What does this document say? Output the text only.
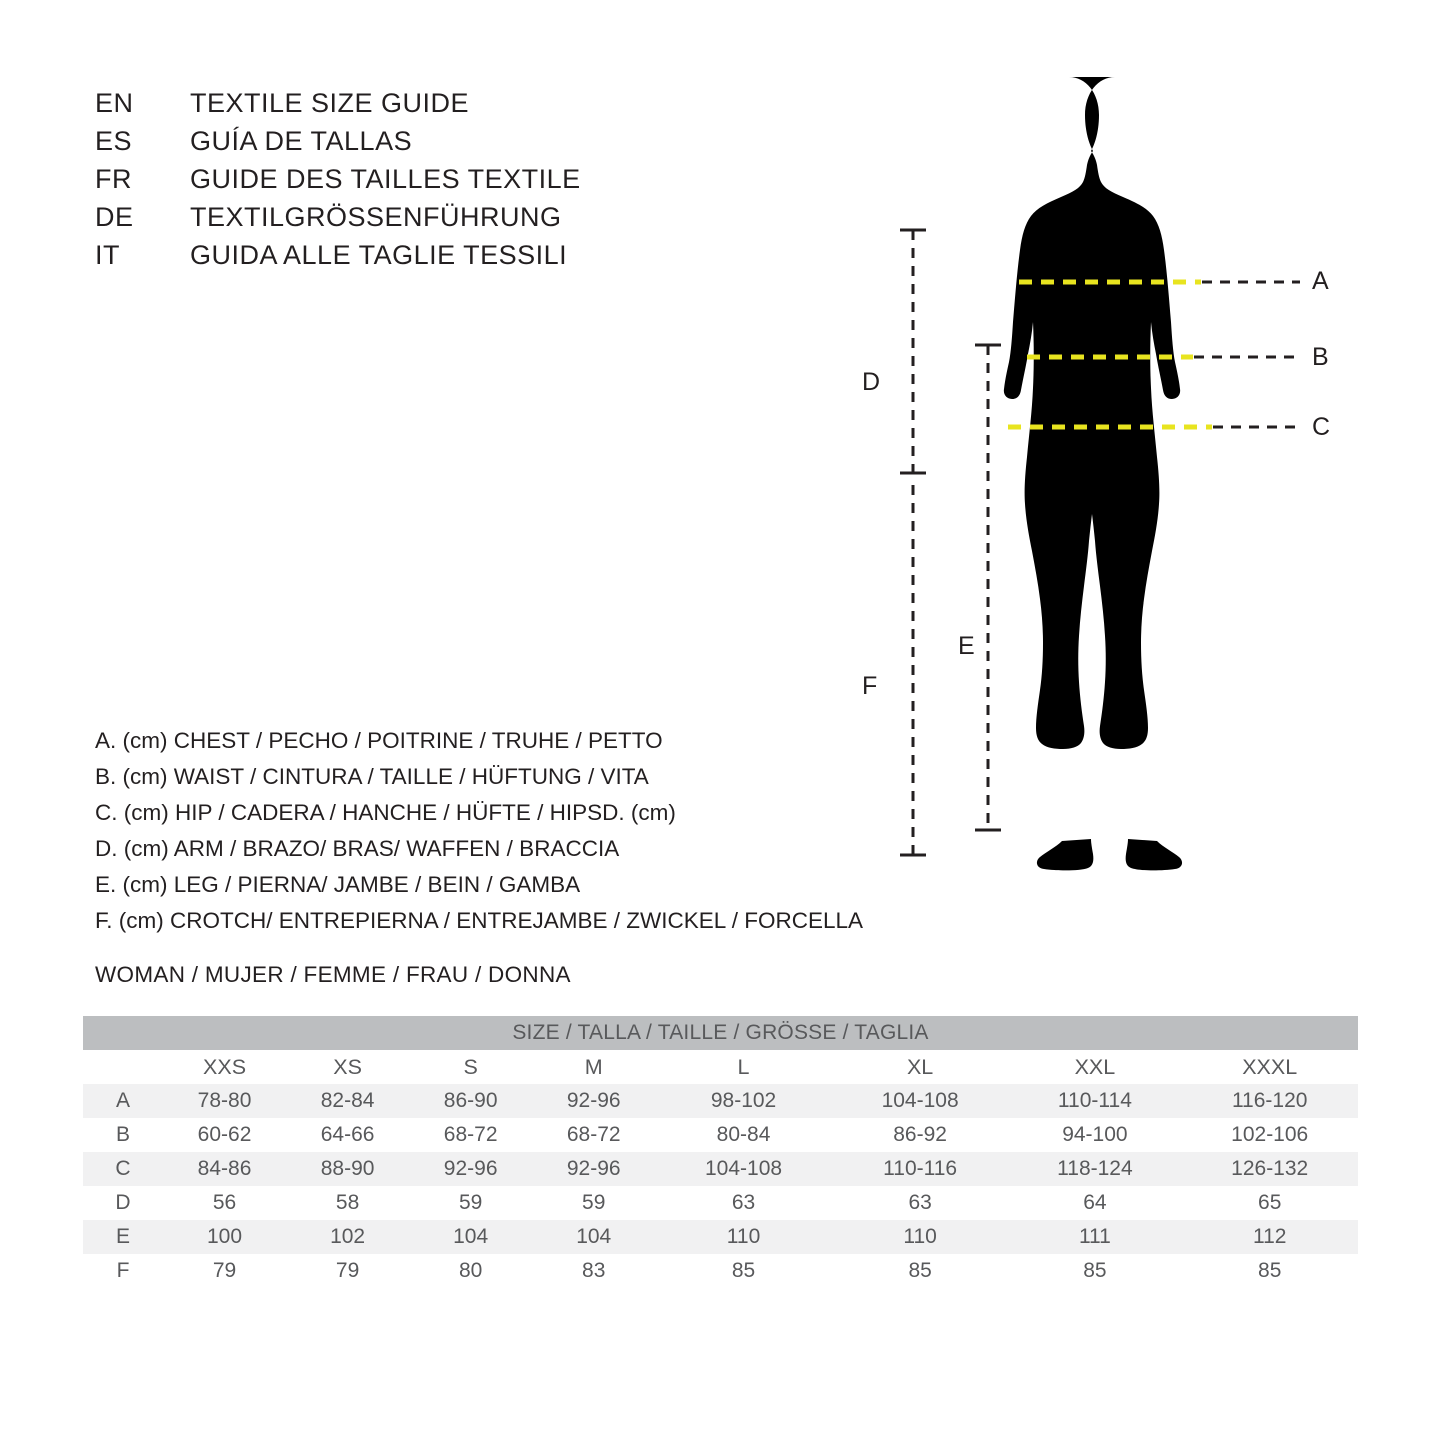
EN	TEXTILE SIZE GUIDE
ES	GUÍA DE TALLAS
FR	GUIDE DES TAILLES TEXTILE
DE	TEXTILGRÖSSENFÜHRUNG
IT	GUIDA ALLE TAGLIE TESSILI
D
E
F
A
B
C
A. (cm) CHEST / PECHO / POITRINE / TRUHE / PETTO
B. (cm) WAIST / CINTURA / TAILLE / HÜFTUNG / VITA
C. (cm) HIP / CADERA / HANCHE / HÜFTE / HIPSD. (cm)
D. (cm) ARM / BRAZO/ BRAS/ WAFFEN / BRACCIA
E. (cm) LEG / PIERNA/ JAMBE / BEIN / GAMBA
F. (cm) CROTCH/ ENTREPIERNA / ENTREJAMBE / ZWICKEL / FORCELLA
WOMAN / MUJER / FEMME / FRAU / DONNA
SIZE / TALLA / TAILLE / GRÖSSE / TAGLIA								
	XXS	XS	S	M	L	XL	XXL	XXXL
A	78-80	82-84	86-90	92-96	98-102	104-108	110-114	116-120
B	60-62	64-66	68-72	68-72	80-84	86-92	94-100	102-106
C	84-86	88-90	92-96	92-96	104-108	110-116	118-124	126-132
D	56	58	59	59	63	63	64	65
E	100	102	104	104	110	110	111	112
F	79	79	80	83	85	85	85	85
